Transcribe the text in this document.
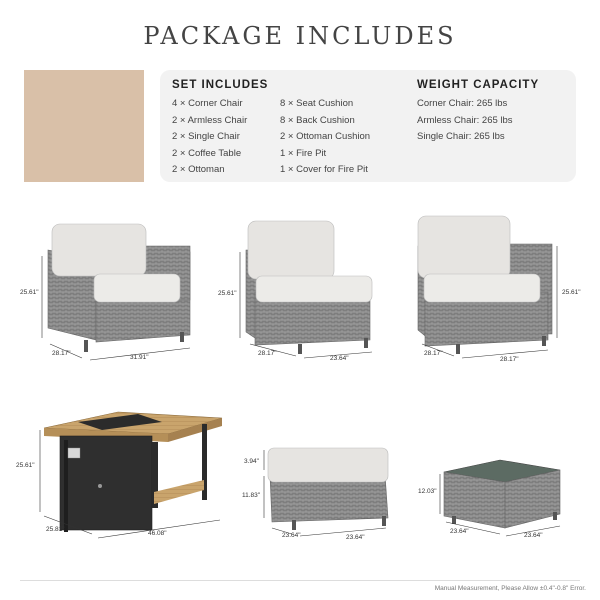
PACKAGE INCLUDES
SET INCLUDES
4 × Corner Chair
2 × Armless Chair
2 × Single Chair
2 × Coffee Table
2 × Ottoman
8 × Seat Cushion
8 × Back Cushion
2 × Ottoman Cushion
1 × Fire Pit
1 × Cover for Fire Pit
WEIGHT CAPACITY
Corner Chair: 265 lbs
Armless Chair: 265 lbs
Single Chair: 265 lbs
25.61"
28.17"
31.91"
25.61"
28.17"
23.64"
25.61"
28.17"
28.17"
25.61"
25.81"
46.08"
3.94"
11.83"
23.64"	23.64"
12.03"
23.64"
23.64"
Manual Measurement, Please Allow ±0.4"-0.8" Error.
